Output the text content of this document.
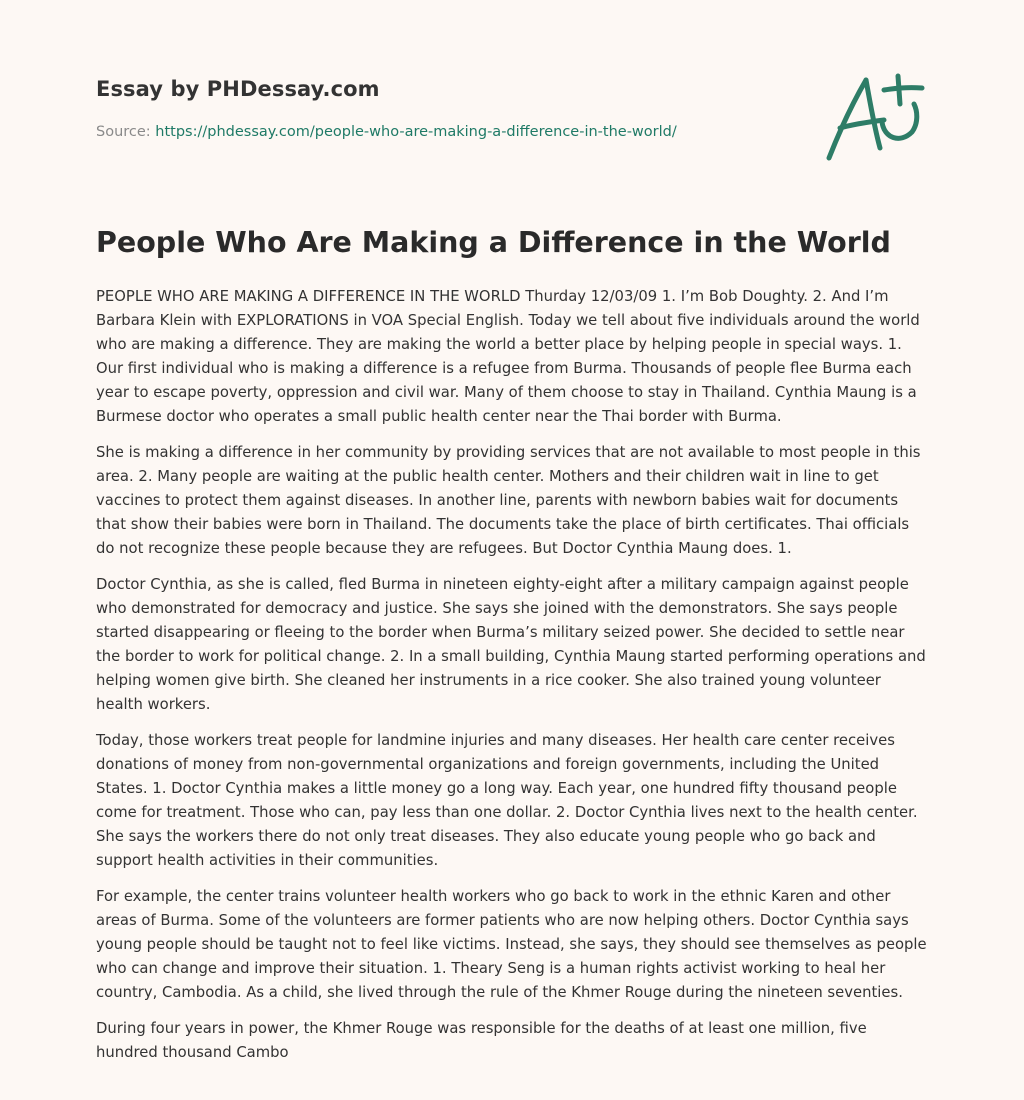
Essay by PHDessay.com
Source: https://phdessay.com/people-who-are-making-a-difference-in-the-world/
People Who Are Making a Difference in the World

PEOPLE WHO ARE MAKING A DIFFERENCE IN THE WORLD Thurday 12/03/09 1. I’m Bob Doughty. 2. And I’m Barbara Klein with EXPLORATIONS in VOA Special English. Today we tell about five individuals around the world who are making a difference. They are making the world a better place by helping people in special ways. 1. Our first individual who is making a difference is a refugee from Burma. Thousands of people flee Burma each year to escape poverty, oppression and civil war. Many of them choose to stay in Thailand. Cynthia Maung is a Burmese doctor who operates a small public health center near the Thai border with Burma.

She is making a difference in her community by providing services that are not available to most people in this area. 2. Many people are waiting at the public health center. Mothers and their children wait in line to get vaccines to protect them against diseases. In another line, parents with newborn babies wait for documents that show their babies were born in Thailand. The documents take the place of birth certificates. Thai officials do not recognize these people because they are refugees. But Doctor Cynthia Maung does. 1.

Doctor Cynthia, as she is called, fled Burma in nineteen eighty-eight after a military campaign against people who demonstrated for democracy and justice. She says she joined with the demonstrators. She says people started disappearing or fleeing to the border when Burma’s military seized power. She decided to settle near the border to work for political change. 2. In a small building, Cynthia Maung started performing operations and helping women give birth. She cleaned her instruments in a rice cooker. She also trained young volunteer health workers.

Today, those workers treat people for landmine injuries and many diseases. Her health care center receives donations of money from non-governmental organizations and foreign governments, including the United States. 1. Doctor Cynthia makes a little money go a long way. Each year, one hundred fifty thousand people come for treatment. Those who can, pay less than one dollar. 2. Doctor Cynthia lives next to the health center. She says the workers there do not only treat diseases. They also educate young people who go back and support health activities in their communities.

For example, the center trains volunteer health workers who go back to work in the ethnic Karen and other areas of Burma. Some of the volunteers are former patients who are now helping others. Doctor Cynthia says young people should be taught not to feel like victims. Instead, she says, they should see themselves as people who can change and improve their situation. 1. Theary Seng is a human rights activist working to heal her country, Cambodia. As a child, she lived through the rule of the Khmer Rouge during the nineteen seventies.

During four years in power, the Khmer Rouge was responsible for the deaths of at least one million, five hundred thousand Cambo
